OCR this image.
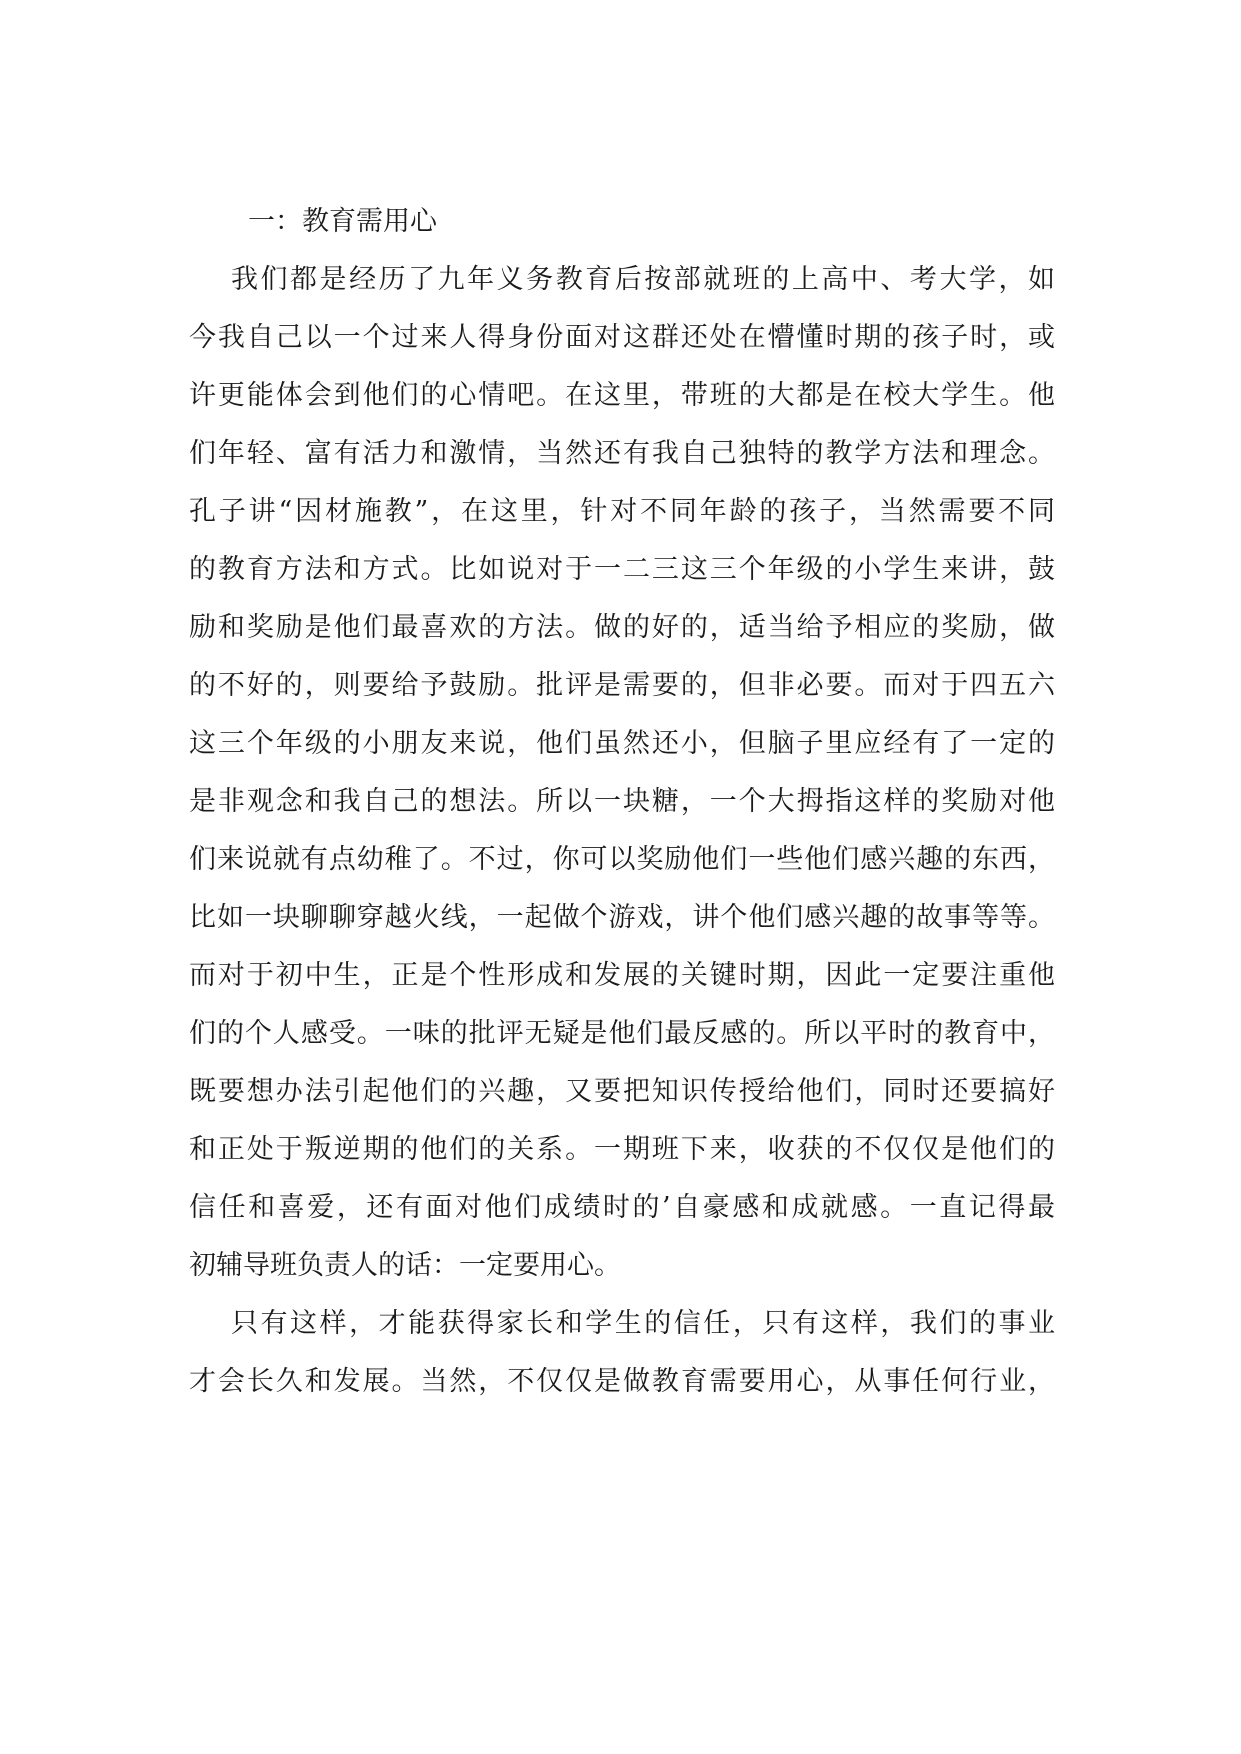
一：教育需用心
我们都是经历了九年义务教育后按部就班的上高中、考大学，如
今我自己以一个过来人得身份面对这群还处在懵懂时期的孩子时，或
许更能体会到他们的心情吧。在这里，带班的大都是在校大学生。他
们年轻、富有活力和激情，当然还有我自己独特的教学方法和理念。
孔子讲“因材施教”，在这里，针对不同年龄的孩子，当然需要不同
的教育方法和方式。比如说对于一二三这三个年级的小学生来讲，鼓
励和奖励是他们最喜欢的方法。做的好的，适当给予相应的奖励，做
的不好的，则要给予鼓励。批评是需要的，但非必要。而对于四五六
这三个年级的小朋友来说，他们虽然还小，但脑子里应经有了一定的
是非观念和我自己的想法。所以一块糖，一个大拇指这样的奖励对他
们来说就有点幼稚了。不过，你可以奖励他们一些他们感兴趣的东西，
比如一块聊聊穿越火线，一起做个游戏，讲个他们感兴趣的故事等等。
而对于初中生，正是个性形成和发展的关键时期，因此一定要注重他
们的个人感受。一味的批评无疑是他们最反感的。所以平时的教育中，
既要想办法引起他们的兴趣，又要把知识传授给他们，同时还要搞好
和正处于叛逆期的他们的关系。一期班下来，收获的不仅仅是他们的
信任和喜爱，还有面对他们成绩时的’自豪感和成就感。一直记得最
初辅导班负责人的话：一定要用心。
只有这样，才能获得家长和学生的信任，只有这样，我们的事业
才会长久和发展。当然，不仅仅是做教育需要用心，从事任何行业，
